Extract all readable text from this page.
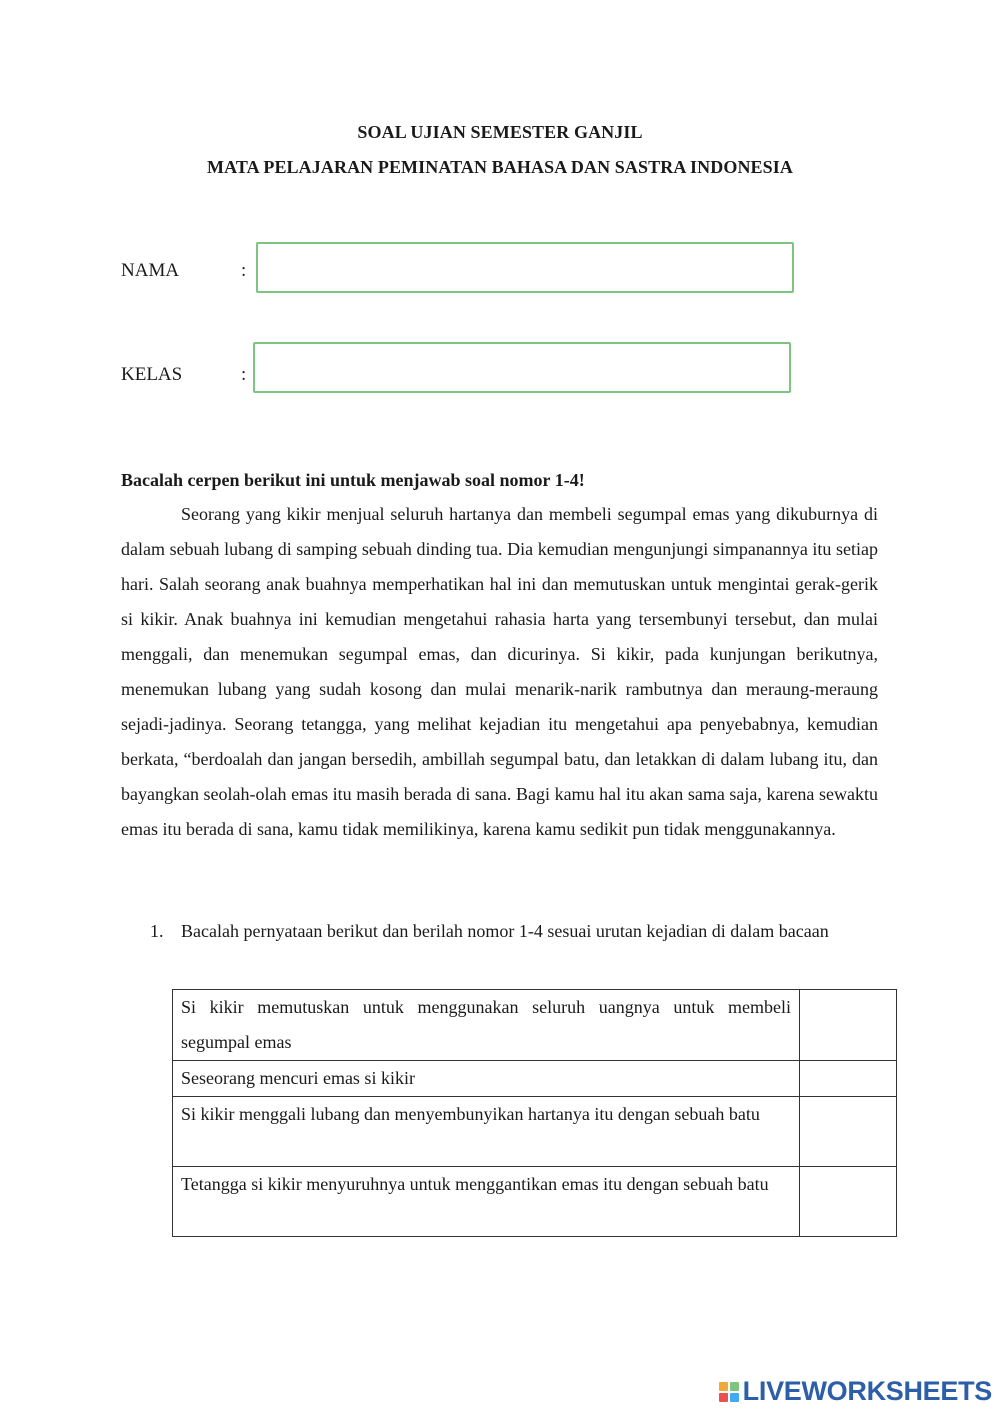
SOAL UJIAN SEMESTER GANJIL
MATA PELAJARAN PEMINATAN BAHASA DAN SASTRA INDONESIA
NAMA	:
KELAS	:
Bacalah cerpen berikut ini untuk menjawab soal nomor 1-4!

Seorang yang kikir menjual seluruh hartanya dan membeli segumpal emas yang dikuburnya di dalam sebuah lubang di samping sebuah dinding tua. Dia kemudian mengunjungi simpanannya itu setiap hari. Salah seorang anak buahnya memperhatikan hal ini dan memutuskan untuk mengintai gerak-gerik si kikir. Anak buahnya ini kemudian mengetahui rahasia harta yang tersembunyi tersebut, dan mulai menggali, dan menemukan segumpal emas, dan dicurinya. Si kikir, pada kunjungan berikutnya, menemukan lubang yang sudah kosong dan mulai menarik-narik rambutnya dan meraung-meraung sejadi-jadinya. Seorang tetangga, yang melihat kejadian itu mengetahui apa penyebabnya, kemudian berkata, “berdoalah dan jangan bersedih, ambillah segumpal batu, dan letakkan di dalam lubang itu, dan bayangkan seolah-olah emas itu masih berada di sana. Bagi kamu hal itu akan sama saja, karena sewaktu emas itu berada di sana, kamu tidak memilikinya, karena kamu sedikit pun tidak menggunakannya.

1. Bacalah pernyataan berikut dan berilah nomor 1-4 sesuai urutan kejadian di dalam bacaan
Si kikir memutuskan untuk menggunakan seluruh uangnya untuk membeli segumpal emas	
Seseorang mencuri emas si kikir	
Si kikir menggali lubang dan menyembunyikan hartanya itu dengan sebuah batu	
Tetangga si kikir menyuruhnya untuk menggantikan emas itu dengan sebuah batu	
LIVEWORKSHEETS
